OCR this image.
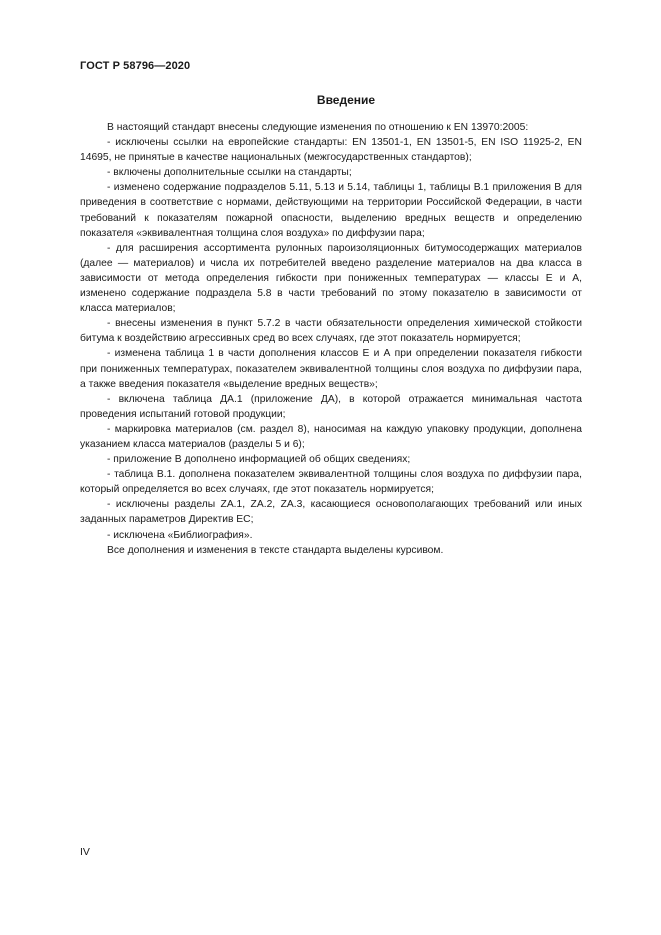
ГОСТ Р 58796—2020
Введение

В настоящий стандарт внесены следующие изменения по отношению к EN 13970:2005:

- исключены ссылки на европейские стандарты: EN 13501-1, EN 13501-5, EN ISO 11925-2, EN 14695, не принятые в качестве национальных (межгосударственных стандартов);

- включены дополнительные ссылки на стандарты;

- изменено содержание подразделов 5.11, 5.13 и 5.14, таблицы 1, таблицы В.1 приложения В для приведения в соответствие с нормами, действующими на территории Российской Федерации, в части требований к показателям пожарной опасности, выделению вредных веществ и определению показателя «эквивалентная толщина слоя воздуха» по диффузии пара;

- для расширения ассортимента рулонных пароизоляционных битумосодержащих материалов (далее — материалов) и числа их потребителей введено разделение материалов на два класса в зависимости от метода определения гибкости при пониженных температурах — классы Е и А, изменено содержание подраздела 5.8 в части требований по этому показателю в зависимости от класса материалов;

- внесены изменения в пункт 5.7.2 в части обязательности определения химической стойкости битума к воздействию агрессивных сред во всех случаях, где этот показатель нормируется;

- изменена таблица 1 в части дополнения классов Е и А при определении показателя гибкости при пониженных температурах, показателем эквивалентной толщины слоя воздуха по диффузии пара, а также введения показателя «выделение вредных веществ»;

- включена таблица ДА.1 (приложение ДА), в которой отражается минимальная частота проведения испытаний готовой продукции;

- маркировка материалов (см. раздел 8), наносимая на каждую упаковку продукции, дополнена указанием класса материалов (разделы 5 и 6);

- приложение В дополнено информацией об общих сведениях;

- таблица В.1. дополнена показателем эквивалентной толщины слоя воздуха по диффузии пара, который определяется во всех случаях, где этот показатель нормируется;

- исключены разделы ZA.1, ZA.2, ZA.3, касающиеся основополагающих требований или иных заданных параметров Директив ЕС;

- исключена «Библиография».

Все дополнения и изменения в тексте стандарта выделены курсивом.

IV
